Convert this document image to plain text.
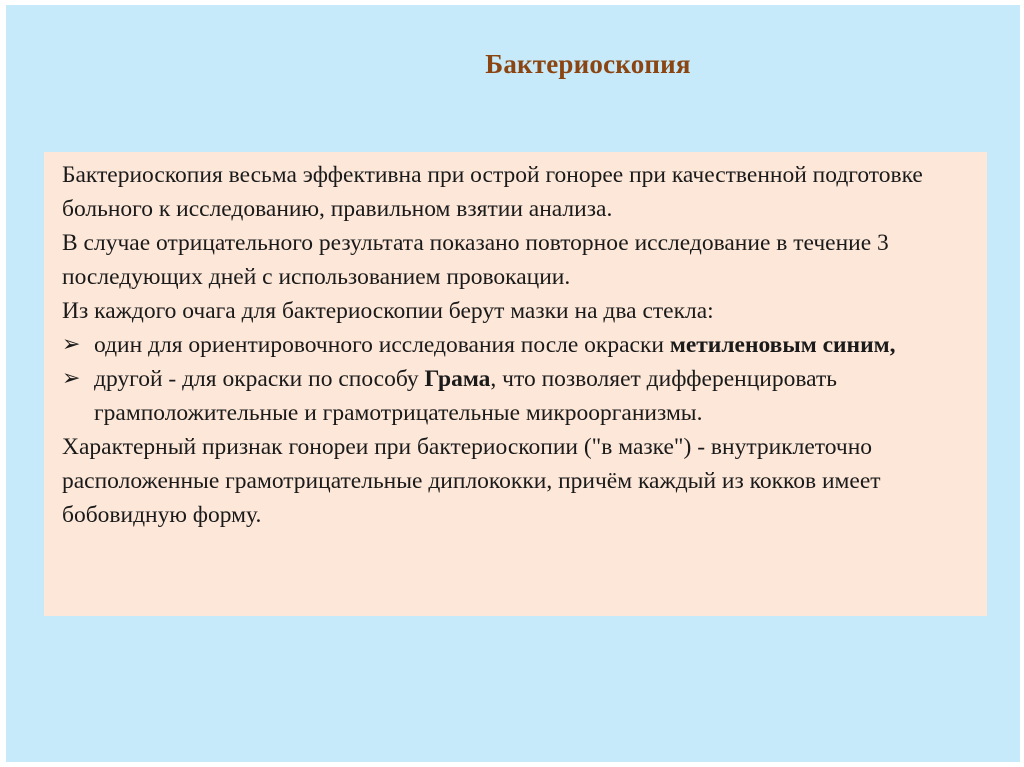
Бактериоскопия

Бактериоскопия весьма эффективна при острой гонорее при качественной подготовке больного к исследованию, правильном взятии анализа.

В случае отрицательного результата показано повторное исследование в течение 3 последующих дней с использованием провокации.

Из каждого очага для бактериоскопии берут мазки на два стекла:

➢ один для ориентировочного исследования после окраски метиленовым синим,

➢ другой - для окраски по способу Грама, что позволяет дифференцировать грамположительные и грамотрицательные микроорганизмы.

Характерный признак гонореи при бактериоскопии ("в мазке") - внутриклеточно расположенные грамотрицательные диплококки, причём каждый из кокков имеет бобовидную форму.
